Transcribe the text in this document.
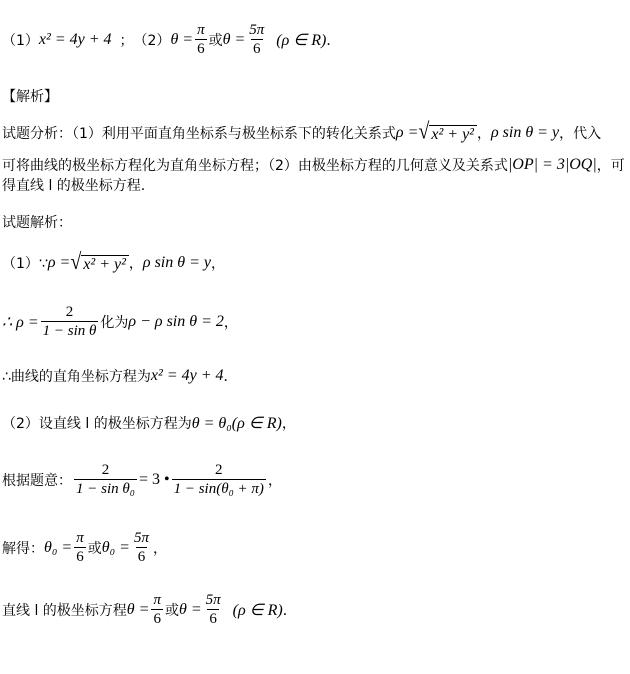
（1） x² = 4y + 4 ； （2） $\theta = \frac{\pi}{6}$ 或 $\theta = \frac{5\pi}{6} (\rho$ ∈ R) ．
【解析】
试题分析：（1）利用平面直角坐标系与极坐标系下的转化关系式 ρ = √ x² + y² ， ρ sin θ = y ，代入
可将曲线的极坐标方程化为直角坐标方程；（2）由极坐标方程的几何意义及关系式 |OP| = 3|OQ| ，可
得直线 l 的极坐标方程.
试题解析：
（1）∵ ρ = √ x² + y² ， ρ sin θ = y ，
∴ $\rho = \frac{2}{\text{1 − sin θ}}$ 化为 ρ − ρ sin θ = 2 ，
∴曲线的直角坐标方程为 x² = 4y + 4 ．
（2）设直线 l 的极坐标方程为 θ = θ₀(ρ ∈ R) ，
根据题意： $\frac{2}{\text{1 − sin θ₀}} = 3$ • $\frac{2}{\text{1 − sin(θ₀ + π)}}$ ，
解得： $\theta_0 = \frac{\pi}{6}$ 或 $\theta_0 = \frac{5\pi}{6}$ ，
直线 l 的极坐标方程 $\theta = \frac{\pi}{6}$ 或 $\theta = \frac{5\pi}{6} (\rho$ ∈ R) ．
